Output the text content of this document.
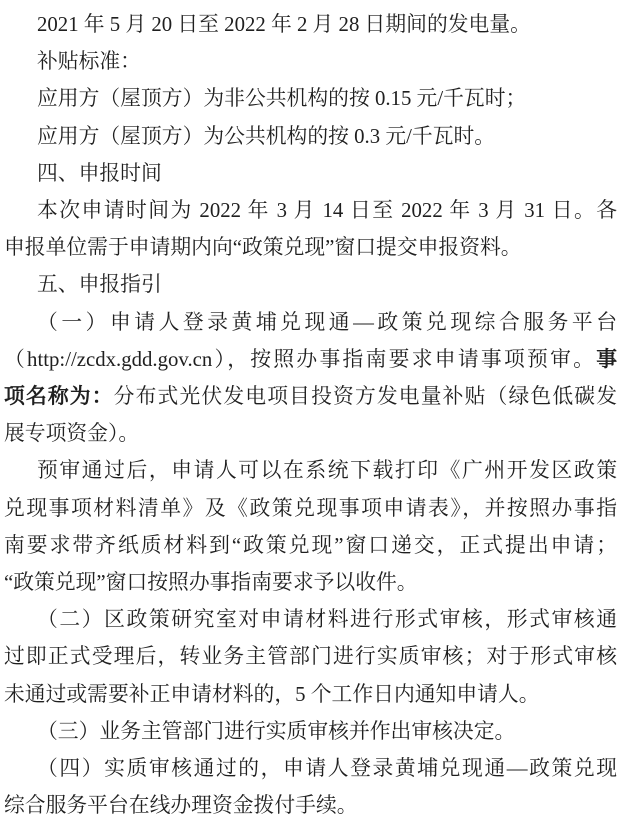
2021 年 5 月 20 日至 2022 年 2 月 28 日期间的发电量。
补贴标准：
应用方（屋顶方）为非公共机构的按 0.15 元/千瓦时；
应用方（屋顶方）为公共机构的按 0.3 元/千瓦时。
四、申报时间
本次申请时间为 2022 年 3 月 14 日至 2022 年 3 月 31 日。各
申报单位需于申请期内向“政策兑现”窗口提交申报资料。
五、申报指引
（一）申请人登录黄埔兑现通—政策兑现综合服务平台
（http://zcdx.gdd.gov.cn），按照办事指南要求申请事项预审。事
项名称为：分布式光伏发电项目投资方发电量补贴（绿色低碳发
展专项资金）。
预审通过后，申请人可以在系统下载打印《广州开发区政策
兑现事项材料清单》及《政策兑现事项申请表》，并按照办事指
南要求带齐纸质材料到“政策兑现”窗口递交，正式提出申请；
“政策兑现”窗口按照办事指南要求予以收件。
（二）区政策研究室对申请材料进行形式审核，形式审核通
过即正式受理后，转业务主管部门进行实质审核；对于形式审核
未通过或需要补正申请材料的，5 个工作日内通知申请人。
（三）业务主管部门进行实质审核并作出审核决定。
（四）实质审核通过的，申请人登录黄埔兑现通—政策兑现
综合服务平台在线办理资金拨付手续。
